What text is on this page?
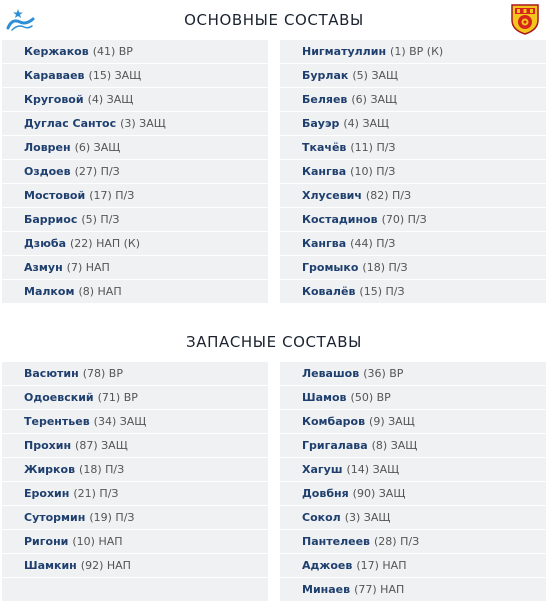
ОСНОВНЫЕ СОСТАВЫ
Кержаков (41) ВР
Караваев (15) ЗАЩ
Круговой (4) ЗАЩ
Дуглас Сантос (3) ЗАЩ
Ловрен (6) ЗАЩ
Оздоев (27) П/З
Мостовой (17) П/З
Барриос (5) П/З
Дзюба (22) НАП (К)
Азмун (7) НАП
Малком (8) НАП
Нигматуллин (1) ВР (К)
Бурлак (5) ЗАЩ
Беляев (6) ЗАЩ
Бауэр (4) ЗАЩ
Ткачёв (11) П/З
Кангва (10) П/З
Хлусевич (82) П/З
Костадинов (70) П/З
Кангва (44) П/З
Громыко (18) П/З
Ковалёв (15) П/З
ЗАПАСНЫЕ СОСТАВЫ
Васютин (78) ВР
Одоевский (71) ВР
Терентьев (34) ЗАЩ
Прохин (87) ЗАЩ
Жирков (18) П/З
Ерохин (21) П/З
Сутормин (19) П/З
Ригони (10) НАП
Шамкин (92) НАП
Левашов (36) ВР
Шамов (50) ВР
Комбаров (9) ЗАЩ
Григалава (8) ЗАЩ
Хагуш (14) ЗАЩ
Довбня (90) ЗАЩ
Сокол (3) ЗАЩ
Пантелеев (28) П/З
Аджоев (17) НАП
Минаев (77) НАП
